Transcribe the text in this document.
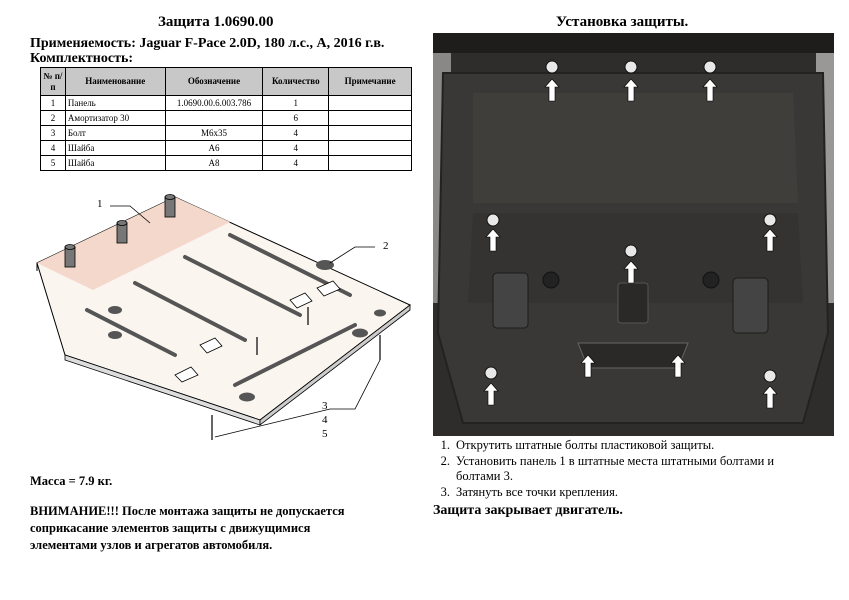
Защита 1.0690.00
Применяемость: Jaguar F-Pace 2.0D, 180 л.с., А, 2016 г.в.
Комплектность:
№ п/п	Наименование	Обозначение	Количество	Примечание
1	Панель	1.0690.00.6.003.786	1	
2	Амортизатор 30		6	
3	Болт	М6х35	4	
4	Шайба	А6	4	
5	Шайба	А8	4	
1
2
3
4
5
Масса = 7.9 кг.
ВНИМАНИЕ!!! После монтажа защиты не допускается
соприкасание элементов защиты с движущимися
элементами узлов и агрегатов автомобиля.
Установка защиты.
1. Открутить штатные болты пластиковой защиты.
2. Установить панель 1 в штатные места штатными болтами и
болтами 3.
3. Затянуть все точки крепления.
Защита закрывает двигатель.
